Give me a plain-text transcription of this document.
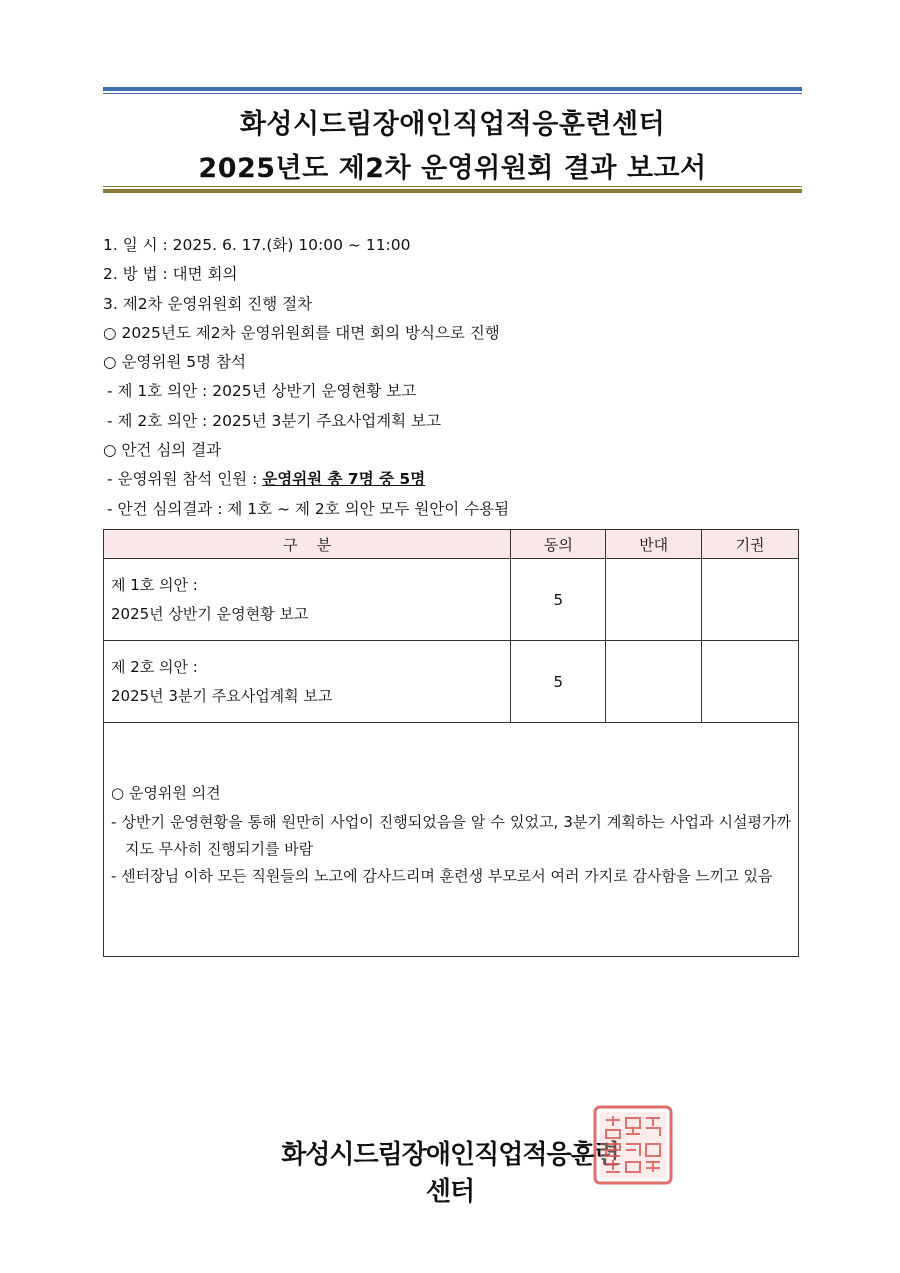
화성시드림장애인직업적응훈련센터
2025년도 제2차 운영위원회 결과 보고서
1. 일 시 : 2025. 6. 17.(화) 10:00 ~ 11:00
2. 방 법 : 대면 회의
3. 제2차 운영위원회 진행 절차
○ 2025년도 제2차 운영위원회를 대면 회의 방식으로 진행
○ 운영위원 5명 참석
- 제 1호 의안 : 2025년 상반기 운영현황 보고
- 제 2호 의안 : 2025년 3분기 주요사업계획 보고
○ 안건 심의 결과
- 운영위원 참석 인원 : 운영위원 총 7명 중 5명
- 안건 심의결과 : 제 1호 ~ 제 2호 의안 모두 원안이 수용됨
구    분	동의	반대	기권

제 1호 의안 :
2025년 상반기 운영현황 보고	5		

제 2호 의안 :
2025년 3분기 주요사업계획 보고	5		

○ 운영위원 의견
- 상반기 운영현황을 통해 원만히 사업이 진행되었음을 알 수 있었고, 3분기 계획하는 사업과 시설평가까지도 무사히 진행되기를 바람
- 센터장님 이하 모든 직원들의 노고에 감사드리며 훈련생 부모로서 여러 가지로 감사함을 느끼고 있음			
화성시드림장애인직업적응훈련센터
